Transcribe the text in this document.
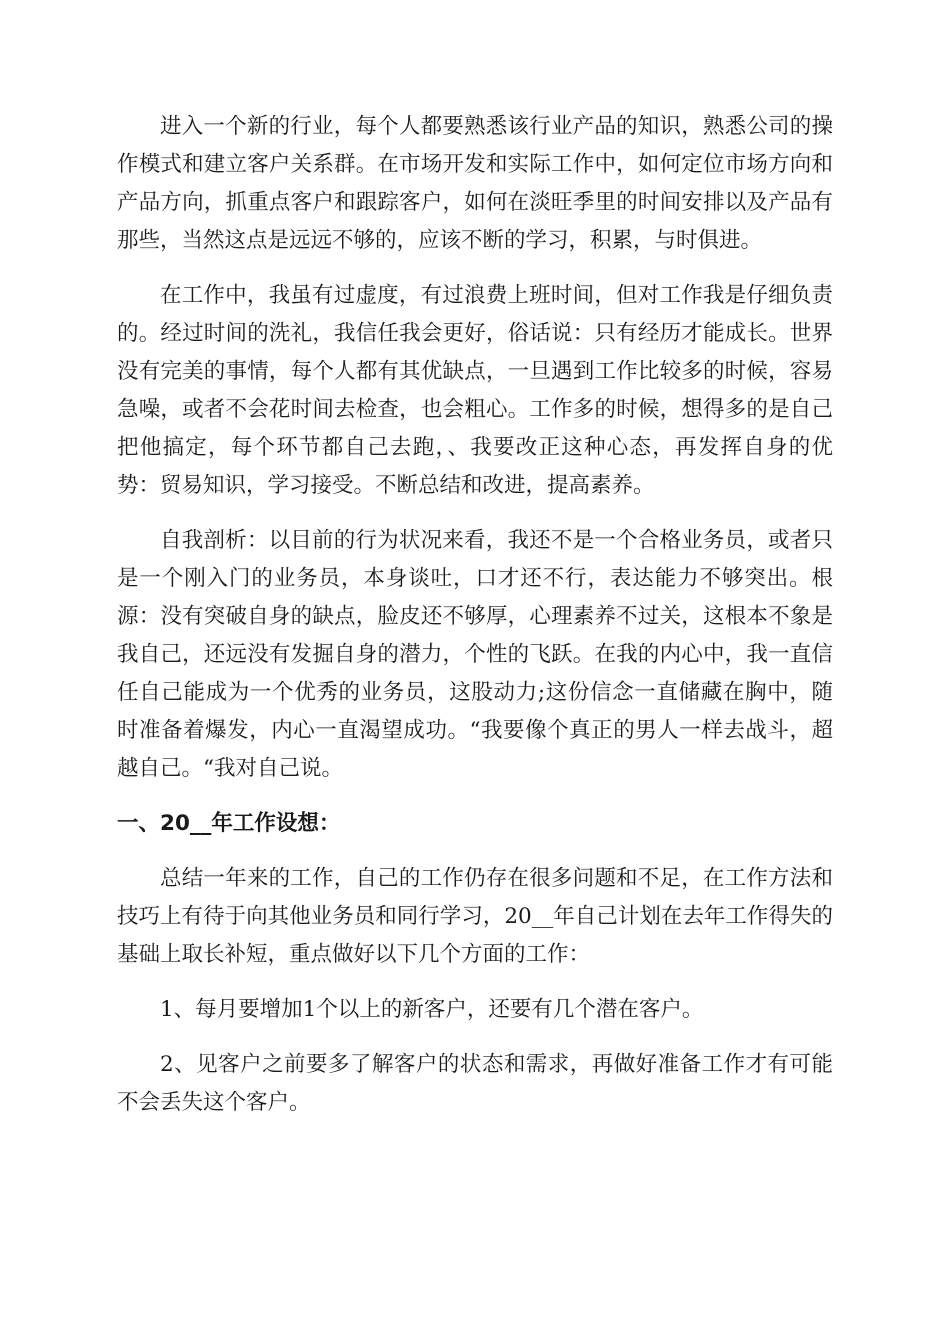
进入一个新的行业，每个人都要熟悉该行业产品的知识，熟悉公司的操作模式和建立客户关系群。在市场开发和实际工作中，如何定位市场方向和产品方向，抓重点客户和跟踪客户，如何在淡旺季里的时间安排以及产品有那些，当然这点是远远不够的，应该不断的学习，积累，与时俱进。

在工作中，我虽有过虚度，有过浪费上班时间，但对工作我是仔细负责的。经过时间的洗礼，我信任我会更好，俗话说：只有经历才能成长。世界没有完美的事情，每个人都有其优缺点，一旦遇到工作比较多的时候，容易急噪，或者不会花时间去检查，也会粗心。工作多的时候，想得多的是自己把他搞定，每个环节都自己去跑，、我要改正这种心态，再发挥自身的优势：贸易知识，学习接受。不断总结和改进，提高素养。

自我剖析：以目前的行为状况来看，我还不是一个合格业务员，或者只是一个刚入门的业务员，本身谈吐，口才还不行，表达能力不够突出。根源：没有突破自身的缺点，脸皮还不够厚，心理素养不过关，这根本不象是我自己，还远没有发掘自身的潜力，个性的飞跃。在我的内心中，我一直信任自己能成为一个优秀的业务员，这股动力;这份信念一直储藏在胸中，随时准备着爆发，内心一直渴望成功。“我要像个真正的男人一样去战斗，超越自己。“我对自己说。

一、20__年工作设想：

总结一年来的工作，自己的工作仍存在很多问题和不足，在工作方法和技巧上有待于向其他业务员和同行学习，20__年自己计划在去年工作得失的基础上取长补短，重点做好以下几个方面的工作：

1、每月要增加1个以上的新客户，还要有几个潜在客户。

2、见客户之前要多了解客户的状态和需求，再做好准备工作才有可能不会丢失这个客户。
